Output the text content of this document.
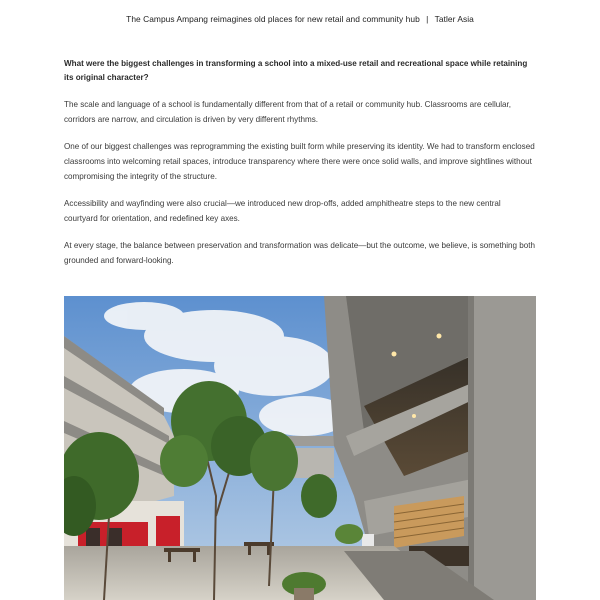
The Campus Ampang reimagines old places for new retail and community hub | Tatler Asia

What were the biggest challenges in transforming a school into a mixed-use retail and recreational space while retaining its original character?

The scale and language of a school is fundamentally different from that of a retail or community hub. Classrooms are cellular, corridors are narrow, and circulation is driven by very different rhythms.

One of our biggest challenges was reprogramming the existing built form while preserving its identity. We had to transform enclosed classrooms into welcoming retail spaces, introduce transparency where there were once solid walls, and improve sightlines without compromising the integrity of the structure.

Accessibility and wayfinding were also crucial—we introduced new drop-offs, added amphitheatre steps to the new central courtyard for orientation, and redefined key axes.

At every stage, the balance between preservation and transformation was delicate—but the outcome, we believe, is something both grounded and forward-looking.
